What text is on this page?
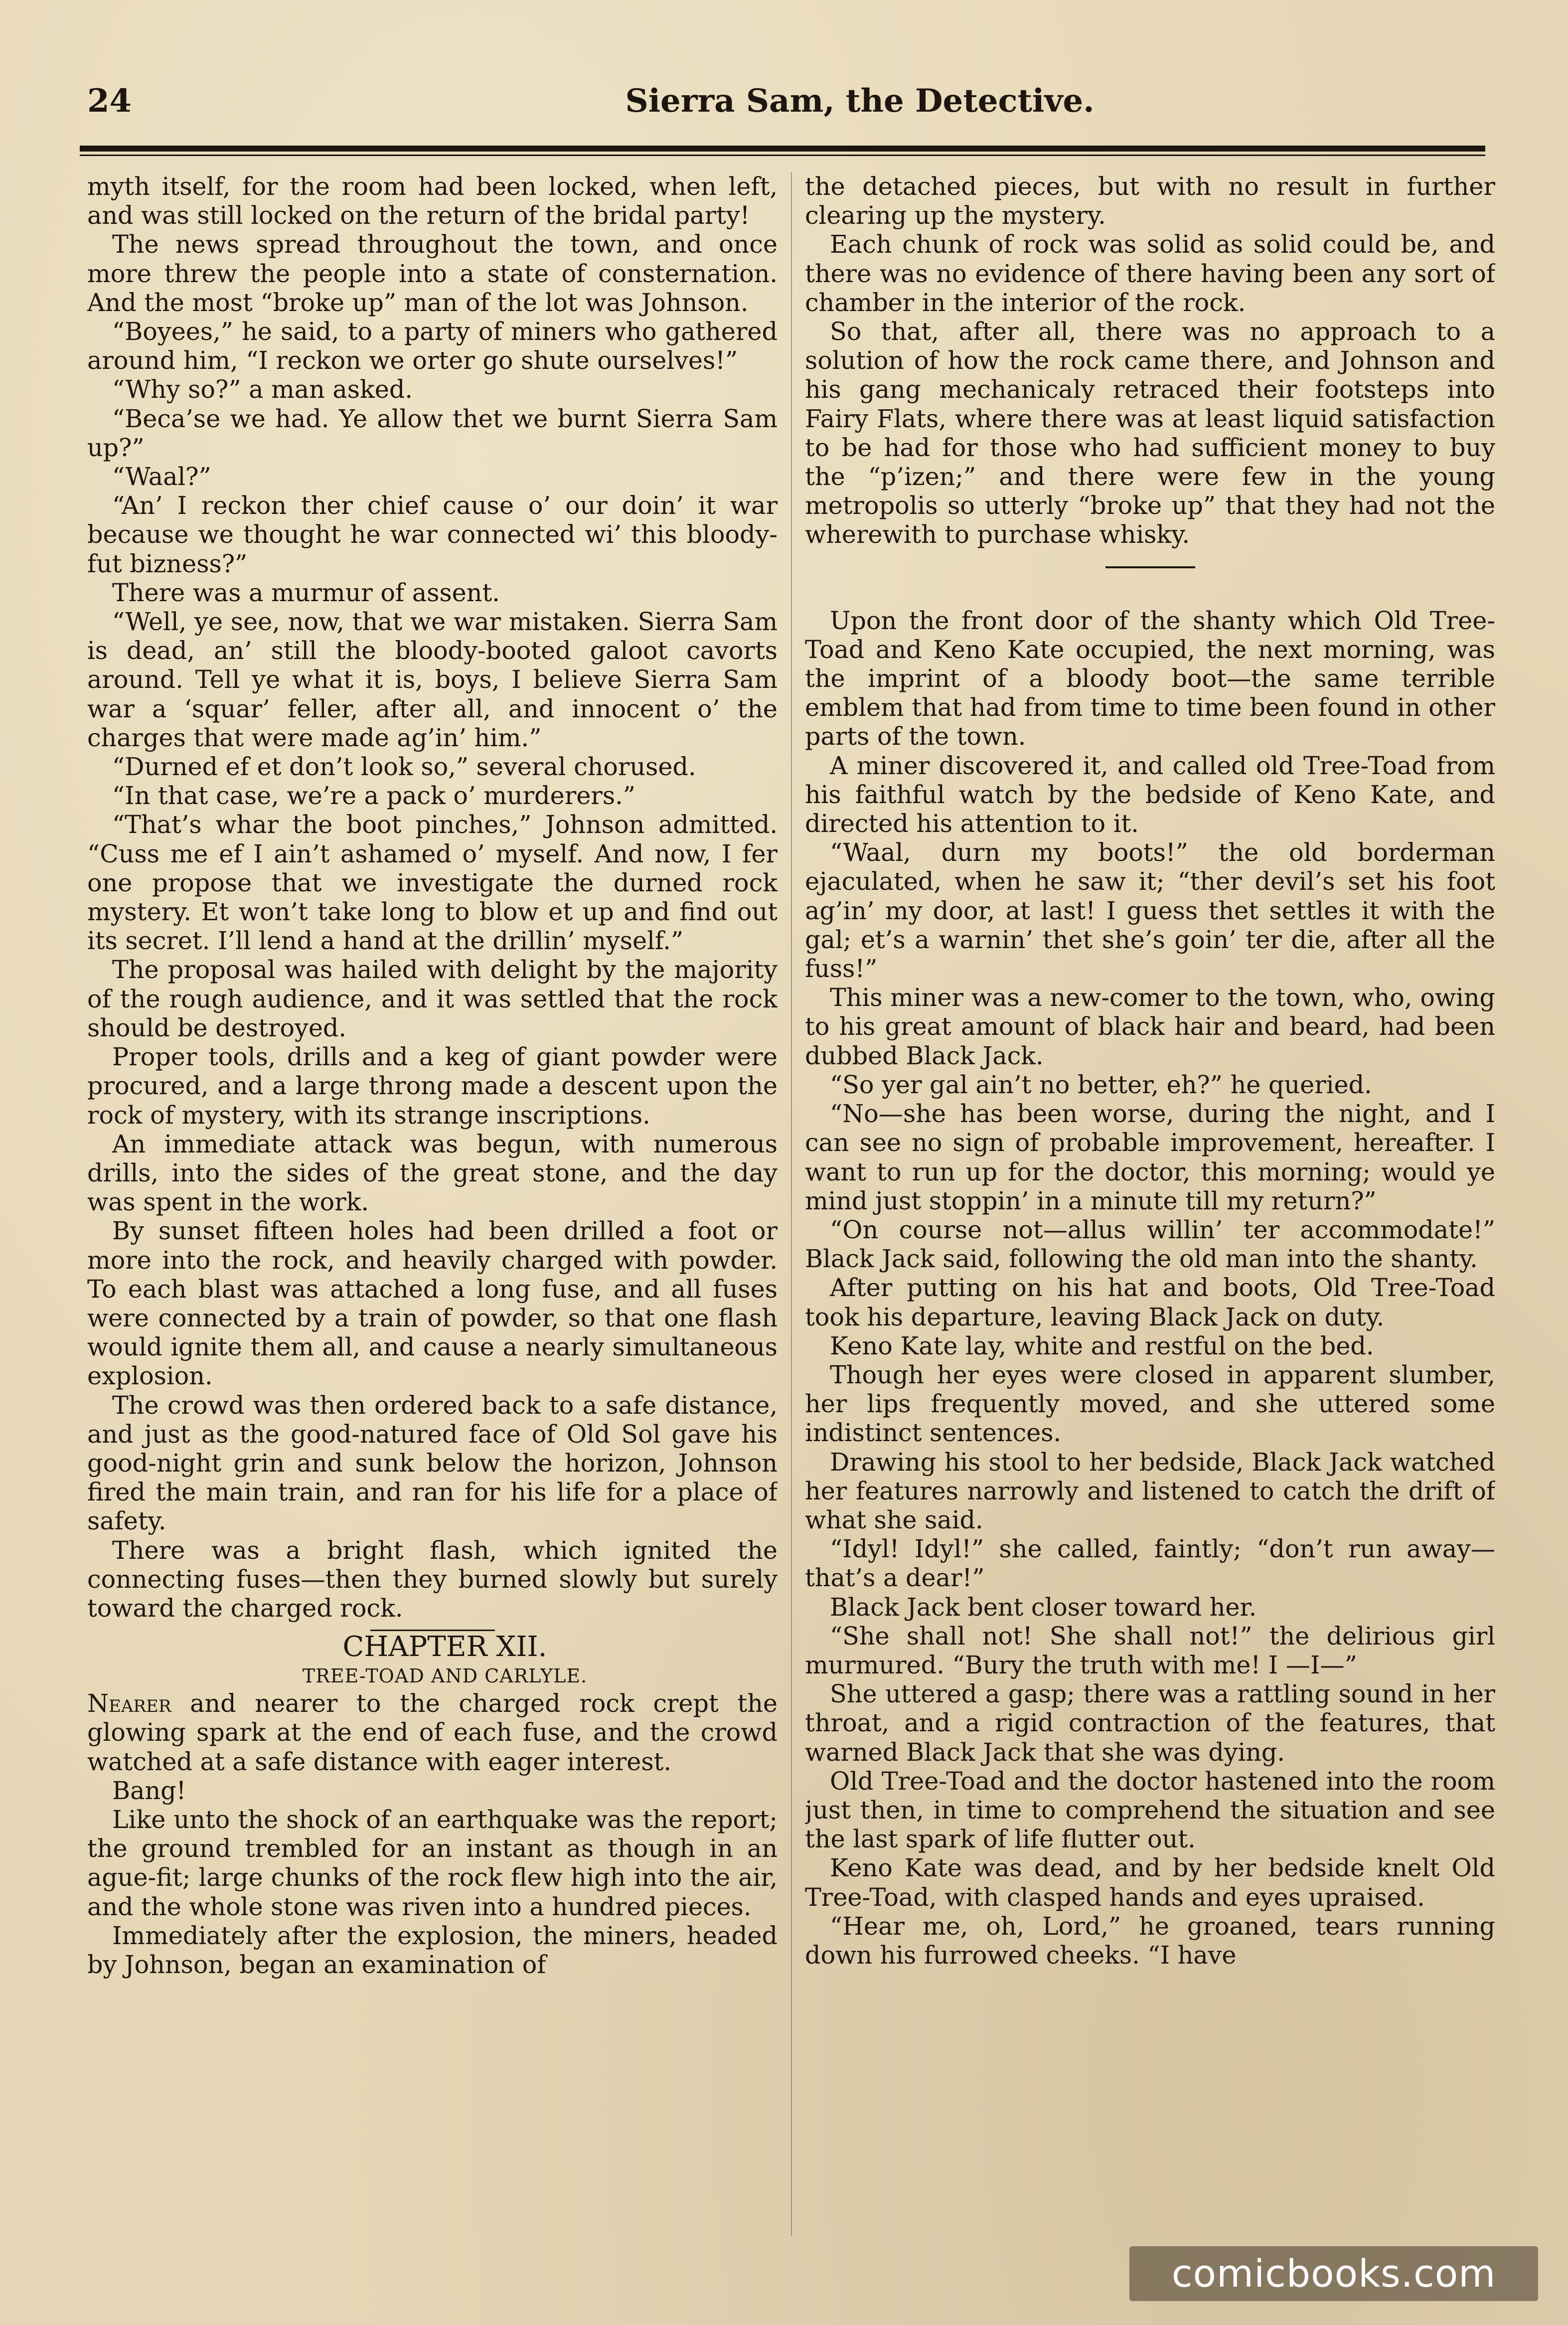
24	Sierra Sam, the Detective.

myth itself, for the room had been locked, when left, and was still locked on the return of the bridal party!

The news spread throughout the town, and once more threw the people into a state of consternation. And the most “broke up” man of the lot was Johnson.

“Boyees,” he said, to a party of miners who gathered around him, “I reckon we orter go shute ourselves!”

“Why so?” a man asked.

“Beca’se we had. Ye allow thet we burnt Sierra Sam up?”

“Waal?”

“An’ I reckon ther chief cause o’ our doin’ it war because we thought he war connected wi’ this bloody-fut bizness?”

There was a murmur of assent.

“Well, ye see, now, that we war mistaken. Sierra Sam is dead, an’ still the bloody-booted galoot cavorts around. Tell ye what it is, boys, I believe Sierra Sam war a ‘squar’ feller, after all, and innocent o’ the charges that were made ag’in’ him.”

“Durned ef et don’t look so,” several chorused.

“In that case, we’re a pack o’ murderers.”

“That’s whar the boot pinches,” Johnson admitted. “Cuss me ef I ain’t ashamed o’ myself. And now, I fer one propose that we investigate the durned rock mystery. Et won’t take long to blow et up and find out its secret. I’ll lend a hand at the drillin’ myself.”

The proposal was hailed with delight by the majority of the rough audience, and it was settled that the rock should be destroyed.

Proper tools, drills and a keg of giant powder were procured, and a large throng made a descent upon the rock of mystery, with its strange inscriptions.

An immediate attack was begun, with numerous drills, into the sides of the great stone, and the day was spent in the work.

By sunset fifteen holes had been drilled a foot or more into the rock, and heavily charged with powder. To each blast was attached a long fuse, and all fuses were connected by a train of powder, so that one flash would ignite them all, and cause a nearly simultaneous explosion.

The crowd was then ordered back to a safe distance, and just as the good-natured face of Old Sol gave his good-night grin and sunk below the horizon, Johnson fired the main train, and ran for his life for a place of safety.

There was a bright flash, which ignited the connecting fuses—then they burned slowly but surely toward the charged rock.

CHAPTER XII.

TREE-TOAD AND CARLYLE.

Nearer and nearer to the charged rock crept the glowing spark at the end of each fuse, and the crowd watched at a safe distance with eager interest.

Bang!

Like unto the shock of an earthquake was the report; the ground trembled for an instant as though in an ague-fit; large chunks of the rock flew high into the air, and the whole stone was riven into a hundred pieces.

Immediately after the explosion, the miners, headed by Johnson, began an examination of

the detached pieces, but with no result in further clearing up the mystery.

Each chunk of rock was solid as solid could be, and there was no evidence of there having been any sort of chamber in the interior of the rock.

So that, after all, there was no approach to a solution of how the rock came there, and Johnson and his gang mechanicaly retraced their footsteps into Fairy Flats, where there was at least liquid satisfaction to be had for those who had sufficient money to buy the “p’izen;” and there were few in the young metropolis so utterly “broke up” that they had not the wherewith to purchase whisky.

Upon the front door of the shanty which Old Tree-Toad and Keno Kate occupied, the next morning, was the imprint of a bloody boot—the same terrible emblem that had from time to time been found in other parts of the town.

A miner discovered it, and called old Tree-Toad from his faithful watch by the bedside of Keno Kate, and directed his attention to it.

“Waal, durn my boots!” the old borderman ejaculated, when he saw it; “ther devil’s set his foot ag’in’ my door, at last! I guess thet settles it with the gal; et’s a warnin’ thet she’s goin’ ter die, after all the fuss!”

This miner was a new-comer to the town, who, owing to his great amount of black hair and beard, had been dubbed Black Jack.

“So yer gal ain’t no better, eh?” he queried.

“No—she has been worse, during the night, and I can see no sign of probable improvement, hereafter. I want to run up for the doctor, this morning; would ye mind just stoppin’ in a minute till my return?”

“On course not—allus willin’ ter accommodate!” Black Jack said, following the old man into the shanty.

After putting on his hat and boots, Old Tree-Toad took his departure, leaving Black Jack on duty.

Keno Kate lay, white and restful on the bed.

Though her eyes were closed in apparent slumber, her lips frequently moved, and she uttered some indistinct sentences.

Drawing his stool to her bedside, Black Jack watched her features narrowly and listened to catch the drift of what she said.

“Idyl! Idyl!” she called, faintly; “don’t run away—that’s a dear!”

Black Jack bent closer toward her.

“She shall not! She shall not!” the delirious girl murmured. “Bury the truth with me! I —I—”

She uttered a gasp; there was a rattling sound in her throat, and a rigid contraction of the features, that warned Black Jack that she was dying.

Old Tree-Toad and the doctor hastened into the room just then, in time to comprehend the situation and see the last spark of life flutter out.

Keno Kate was dead, and by her bedside knelt Old Tree-Toad, with clasped hands and eyes upraised.

“Hear me, oh, Lord,” he groaned, tears running down his furrowed cheeks. “I have

comicbooks.com
